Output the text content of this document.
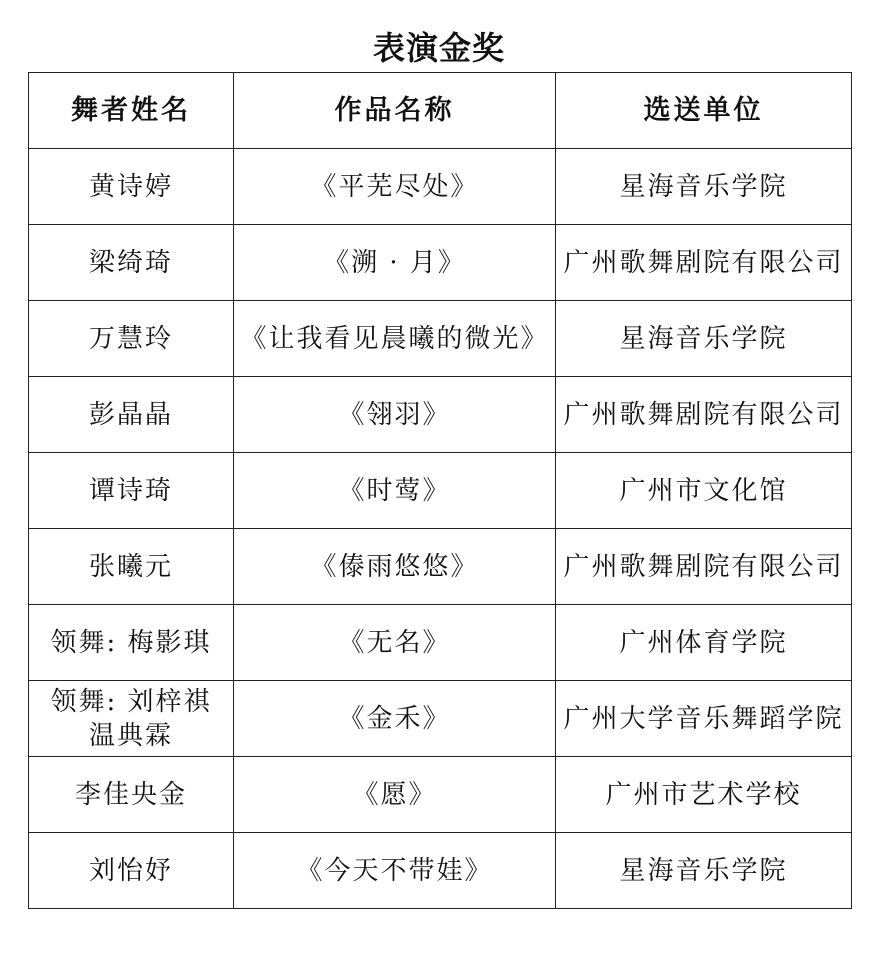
表演金奖
舞者姓名	作品名称	选送单位

黄诗婷	《平芜尽处》	星海音乐学院

梁绮琦	《溯 · 月》	广州歌舞剧院有限公司

万慧玲	《让我看见晨曦的微光》	星海音乐学院

彭晶晶	《翎羽》	广州歌舞剧院有限公司

谭诗琦	《时莺》	广州市文化馆

张曦元	《傣雨悠悠》	广州歌舞剧院有限公司

领舞: 梅影琪	《无名》	广州体育学院

领舞: 刘梓祺
温典霖	《金禾》	广州大学音乐舞蹈学院

李佳央金	《愿》	广州市艺术学校

刘怡妤	《今天不带娃》	星海音乐学院
